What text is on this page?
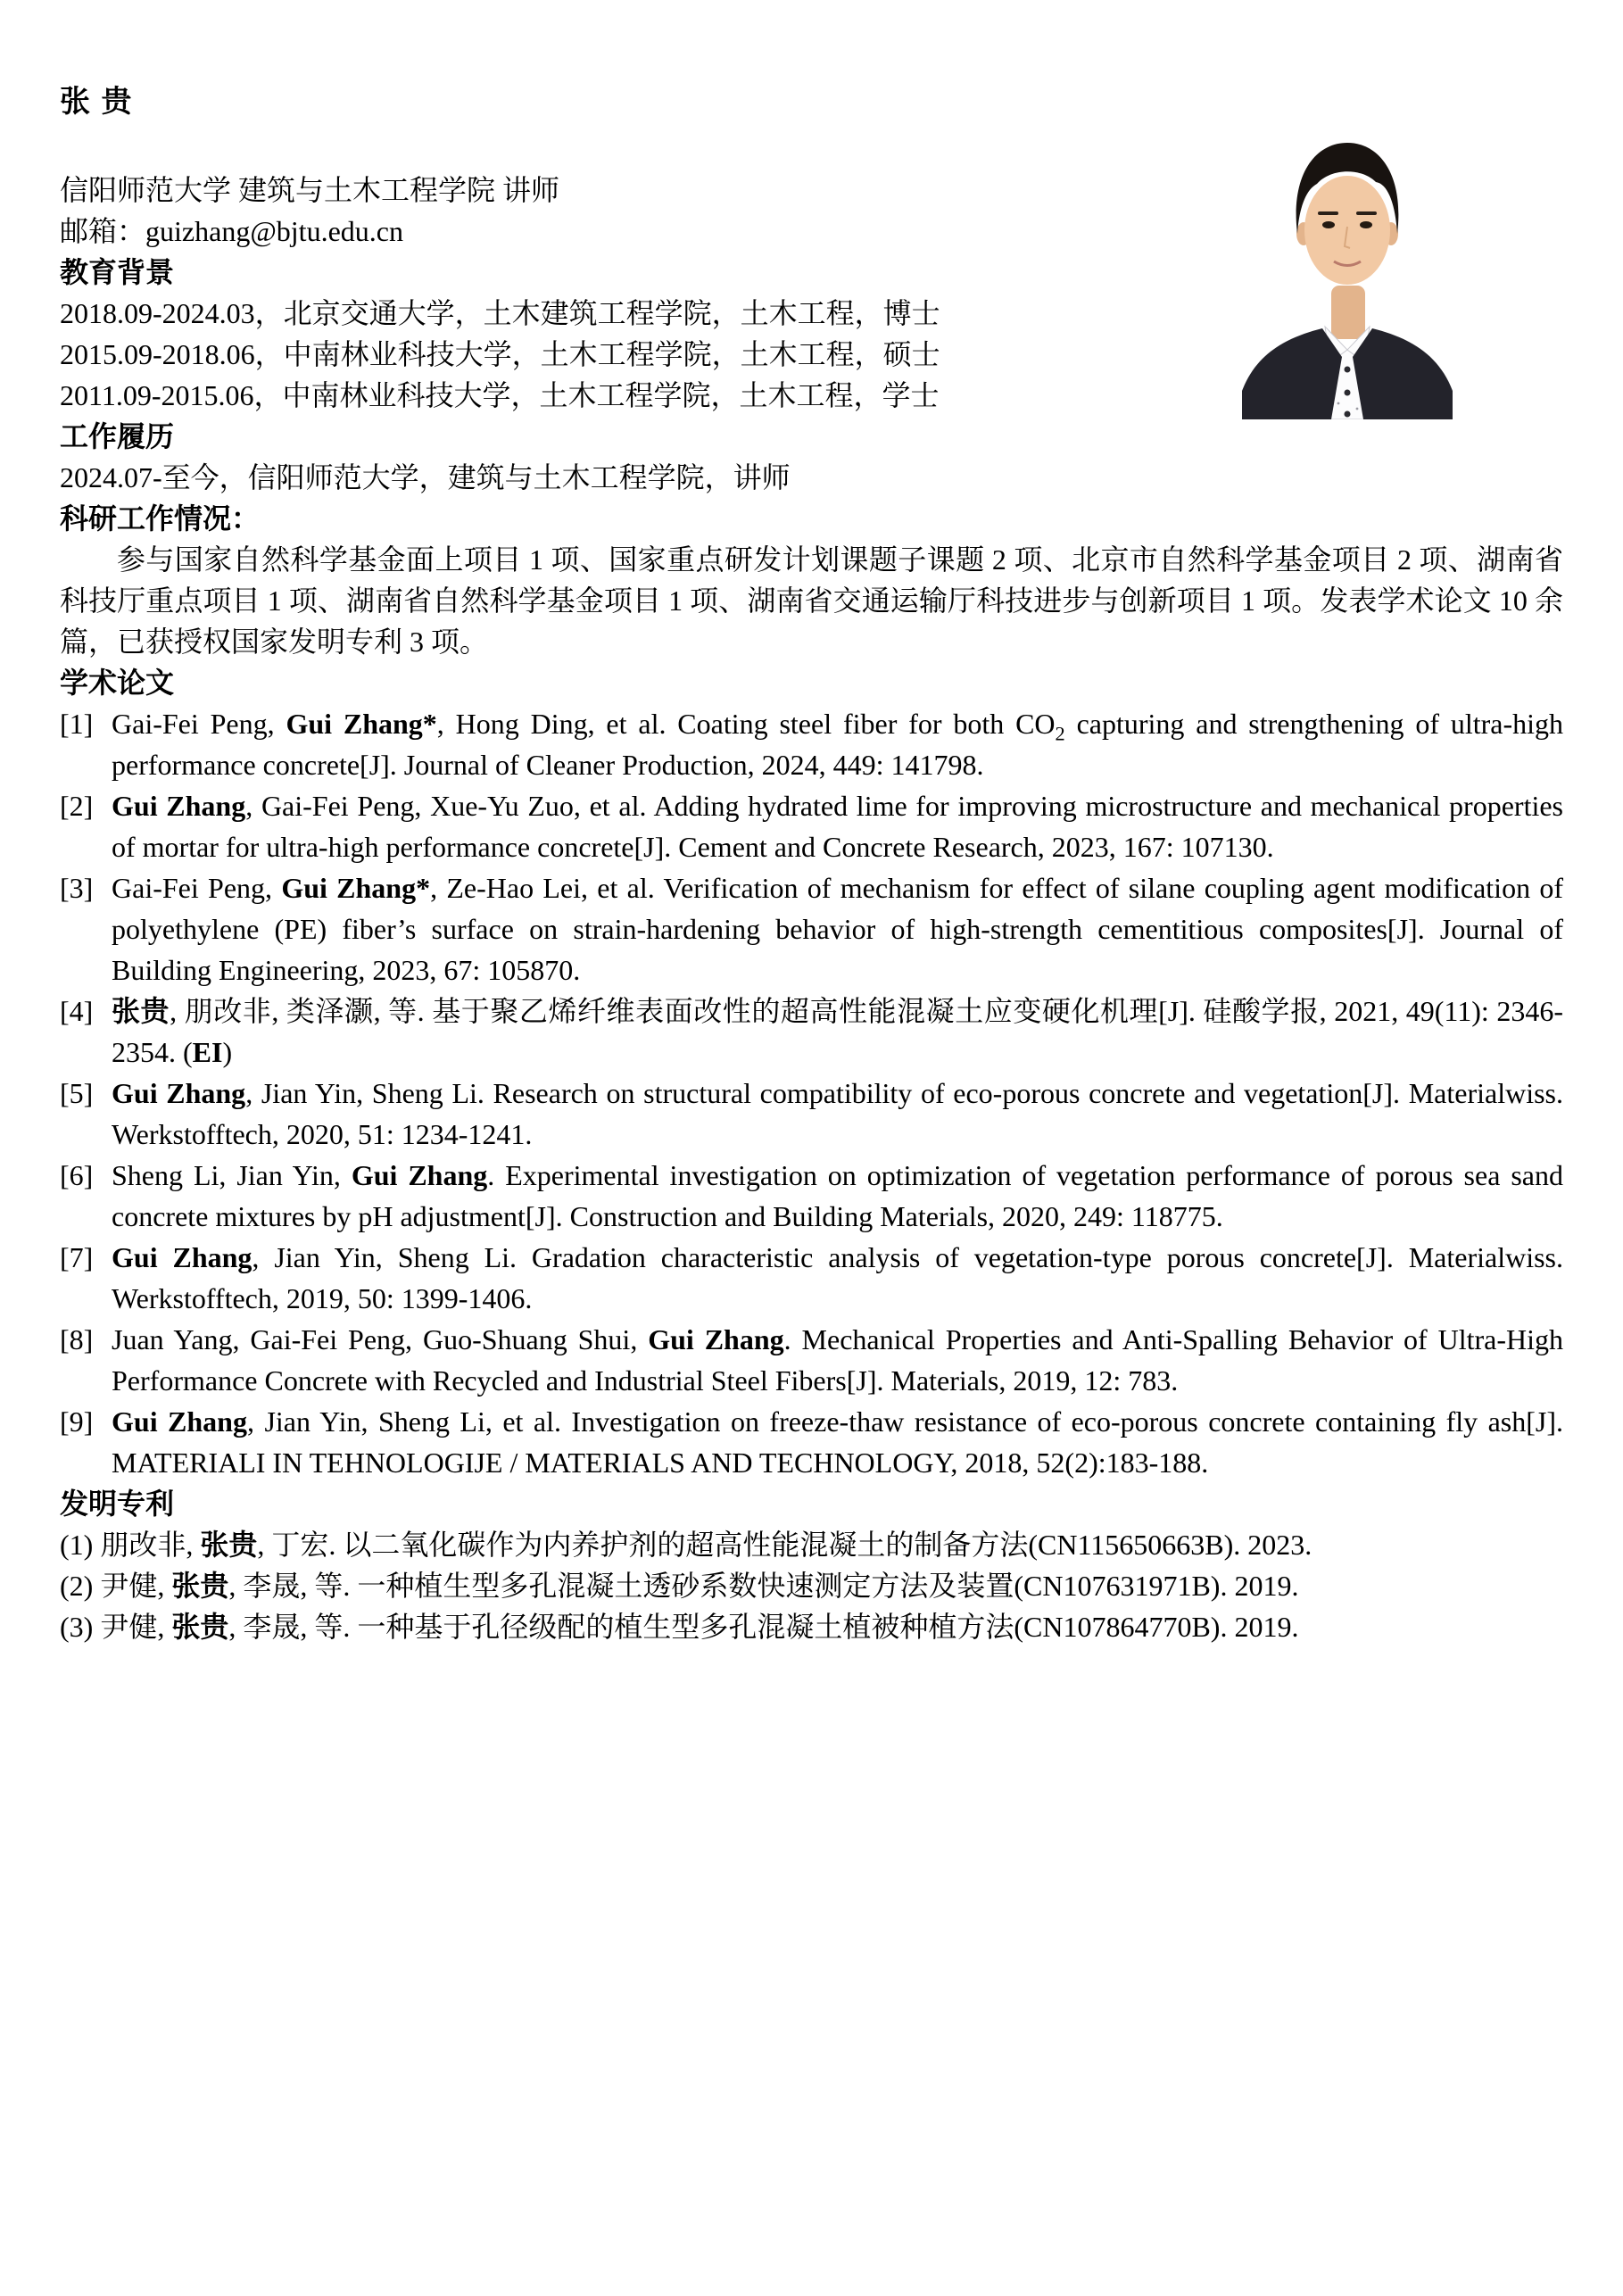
张 贵

信阳师范大学 建筑与土木工程学院 讲师

邮箱：guizhang@bjtu.edu.cn

教育背景

2018.09-2024.03，北京交通大学，土木建筑工程学院，土木工程，博士

2015.09-2018.06，中南林业科技大学，土木工程学院，土木工程，硕士

2011.09-2015.06，中南林业科技大学，土木工程学院，土木工程，学士

工作履历

2024.07-至今，信阳师范大学，建筑与土木工程学院，讲师

科研工作情况：

参与国家自然科学基金面上项目 1 项、国家重点研发计划课题子课题 2 项、北京市自然科学基金项目 2 项、湖南省科技厅重点项目 1 项、湖南省自然科学基金项目 1 项、湖南省交通运输厅科技进步与创新项目 1 项。发表学术论文 10 余篇，已获授权国家发明专利 3 项。

学术论文
[1] Gai-Fei Peng, Gui Zhang*, Hong Ding, et al. Coating steel fiber for both $CO_2$ capturing and strengthening of ultra-high performance concrete[J]. Journal of Cleaner Production, 2024, 449: 141798.
[2] Gui Zhang, Gai-Fei Peng, Xue-Yu Zuo, et al. Adding hydrated lime for improving microstructure and mechanical properties of mortar for ultra-high performance concrete[J]. Cement and Concrete Research, 2023, 167: 107130.
[3] Gai-Fei Peng, Gui Zhang*, Ze-Hao Lei, et al. Verification of mechanism for effect of silane coupling agent modification of polyethylene (PE) fiber’s surface on strain-hardening behavior of high-strength cementitious composites[J]. Journal of Building Engineering, 2023, 67: 105870.
[4] 张贵, 朋改非, 类泽灏, 等. 基于聚乙烯纤维表面改性的超高性能混凝土应变硬化机理[J]. 硅酸学报, 2021, 49(11): 2346-2354. (EI)
[5] Gui Zhang, Jian Yin, Sheng Li. Research on structural compatibility of eco-porous concrete and vegetation[J]. Materialwiss. Werkstofftech, 2020, 51: 1234-1241.
[6] Sheng Li, Jian Yin, Gui Zhang. Experimental investigation on optimization of vegetation performance of porous sea sand concrete mixtures by pH adjustment[J]. Construction and Building Materials, 2020, 249: 118775.
[7] Gui Zhang, Jian Yin, Sheng Li. Gradation characteristic analysis of vegetation-type porous concrete[J]. Materialwiss. Werkstofftech, 2019, 50: 1399-1406.
[8] Juan Yang, Gai-Fei Peng, Guo-Shuang Shui, Gui Zhang. Mechanical Properties and Anti-Spalling Behavior of Ultra-High Performance Concrete with Recycled and Industrial Steel Fibers[J]. Materials, 2019, 12: 783.
[9] Gui Zhang, Jian Yin, Sheng Li, et al. Investigation on freeze-thaw resistance of eco-porous concrete containing fly ash[J]. MATERIALI IN TEHNOLOGIJE / MATERIALS AND TECHNOLOGY, 2018, 52(2):183-188.
发明专利

(1) 朋改非, 张贵, 丁宏. 以二氧化碳作为内养护剂的超高性能混凝土的制备方法(CN115650663B). 2023.

(2) 尹健, 张贵, 李晟, 等. 一种植生型多孔混凝土透砂系数快速测定方法及装置(CN107631971B). 2019.

(3) 尹健, 张贵, 李晟, 等. 一种基于孔径级配的植生型多孔混凝土植被种植方法(CN107864770B). 2019.
